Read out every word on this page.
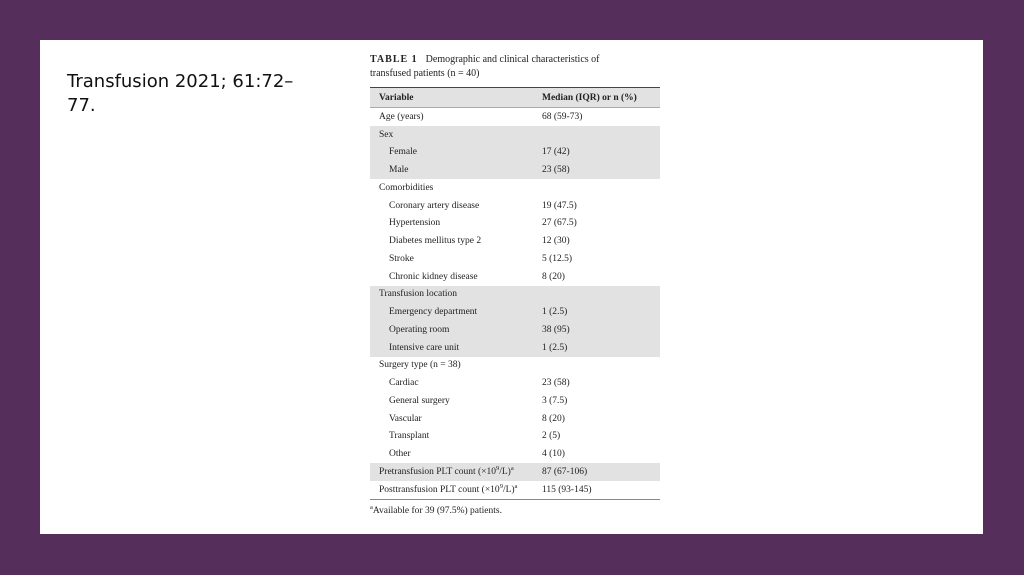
Transfusion 2021; 61:72–77.
TABLE 1 Demographic and clinical characteristics of
transfused patients (n = 40)
Variable	Median (IQR) or n (%)
Age (years)	68 (59-73)
Sex	
Female	17 (42)
Male	23 (58)
Comorbidities	
Coronary artery disease	19 (47.5)
Hypertension	27 (67.5)
Diabetes mellitus type 2	12 (30)
Stroke	5 (12.5)
Chronic kidney disease	8 (20)
Transfusion location	
Emergency department	1 (2.5)
Operating room	38 (95)
Intensive care unit	1 (2.5)
Surgery type (n = 38)	
Cardiac	23 (58)
General surgery	3 (7.5)
Vascular	8 (20)
Transplant	2 (5)
Other	4 (10)
Pretransfusion PLT count $(\times 10^9/L)^a$	87 (67-106)
Posttransfusion PLT count $(\times 10^9/L)^a$	115 (93-145)
$^a$Available for 39 (97.5%) patients.
